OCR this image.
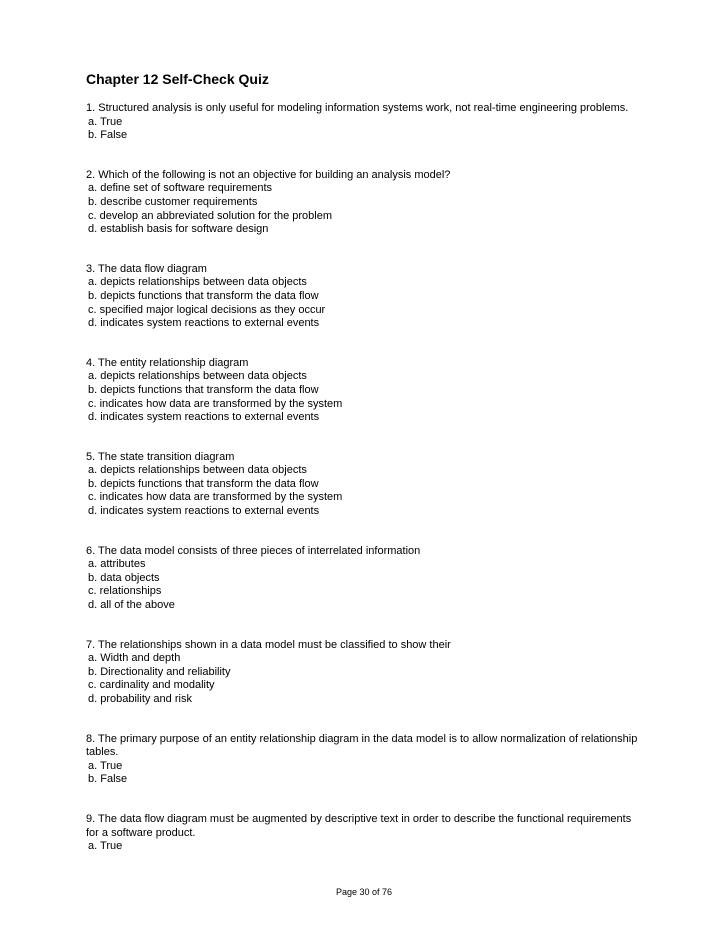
Chapter 12 Self-Check Quiz
1. Structured analysis is only useful for modeling information systems work, not real-time engineering problems.
a. True
b. False
2. Which of the following is not an objective for building an analysis model?
a. define set of software requirements
b. describe customer requirements
c. develop an abbreviated solution for the problem
d. establish basis for software design
3. The data flow diagram
a. depicts relationships between data objects
b. depicts functions that transform the data flow
c. specified major logical decisions as they occur
d. indicates system reactions to external events
4. The entity relationship diagram
a. depicts relationships between data objects
b. depicts functions that transform the data flow
c. indicates how data are transformed by the system
d. indicates system reactions to external events
5. The state transition diagram
a. depicts relationships between data objects
b. depicts functions that transform the data flow
c. indicates how data are transformed by the system
d. indicates system reactions to external events
6. The data model consists of three pieces of interrelated information
a. attributes
b. data objects
c. relationships
d. all of the above
7. The relationships shown in a data model must be classified to show their
a. Width and depth
b. Directionality and reliability
c. cardinality and modality
d. probability and risk
8. The primary purpose of an entity relationship diagram in the data model is to allow normalization of relationship tables.
a. True
b. False
9. The data flow diagram must be augmented by descriptive text in order to describe the functional requirements for a software product.
a. True
Page 30 of 76
